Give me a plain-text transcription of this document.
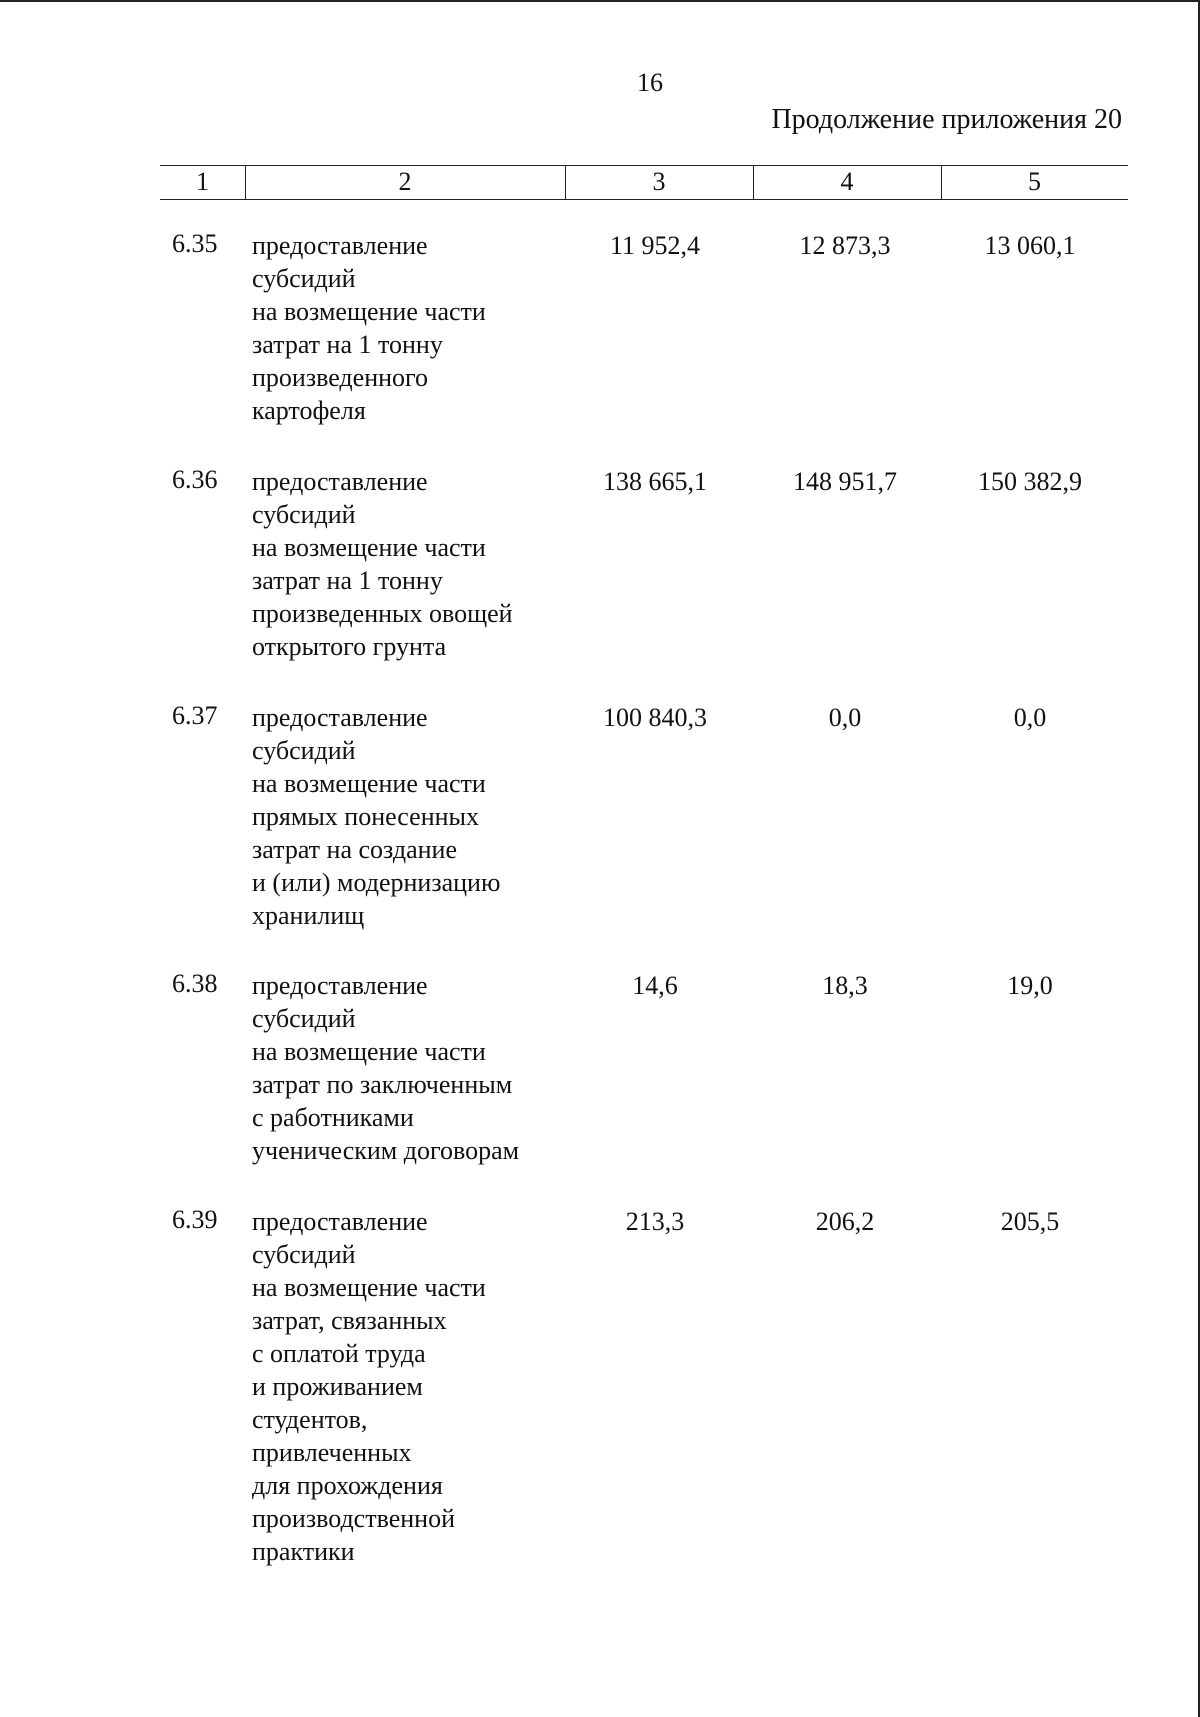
16
Продолжение приложения 20
1	2	3	4	5
6.35 предоставление
субсидий
на возмещение части
затрат на 1 тонну
произведенного
картофеля
11 952,4	12 873,3	13 060,1
6.36 предоставление
субсидий
на возмещение части
затрат на 1 тонну
произведенных овощей
открытого грунта
138 665,1	148 951,7	150 382,9
6.37 предоставление
субсидий
на возмещение части
прямых понесенных
затрат на создание
и (или) модернизацию
хранилищ
100 840,3	0,0	0,0
6.38 предоставление
субсидий
на возмещение части
затрат по заключенным
с работниками
ученическим договорам
14,6	18,3	19,0
6.39 предоставление
субсидий
на возмещение части
затрат, связанных
с оплатой труда
и проживанием
студентов,
привлеченных
для прохождения
производственной
практики
213,3	206,2	205,5
